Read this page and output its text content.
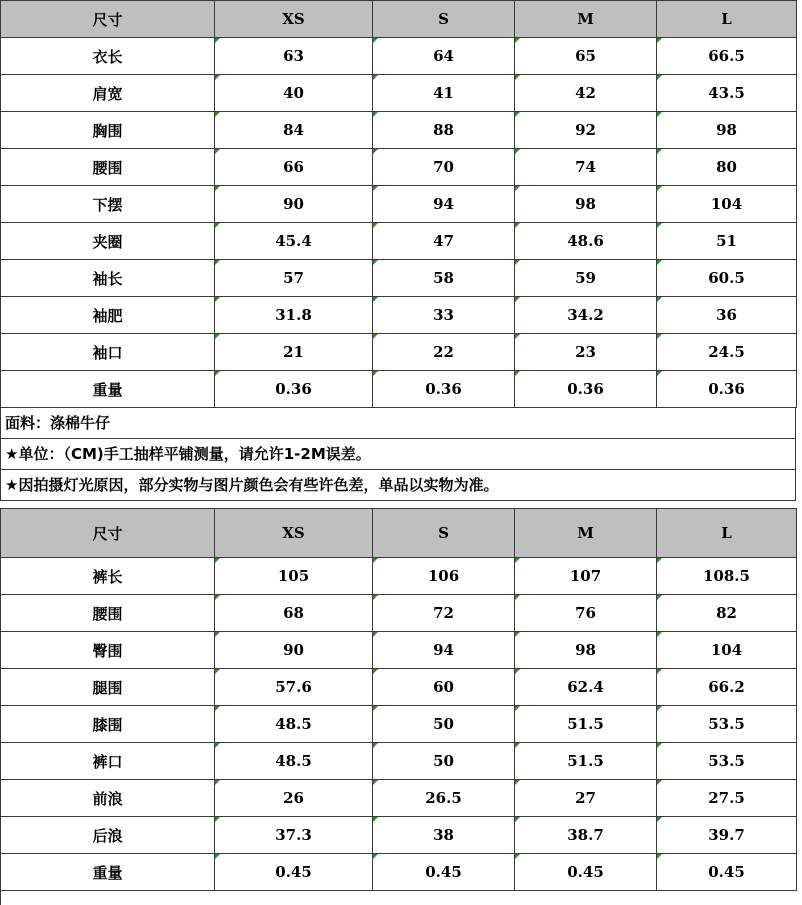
尺寸	XS	S	M	L
衣长	63	64	65	66.5
肩宽	40	41	42	43.5
胸围	84	88	92	98
腰围	66	70	74	80
下摆	90	94	98	104
夹圈	45.4	47	48.6	51
袖长	57	58	59	60.5
袖肥	31.8	33	34.2	36
袖口	21	22	23	24.5
重量	0.36	0.36	0.36	0.36
面料：涤棉牛仔
★单位：（CM)手工抽样平铺测量，请允许1-2M误差。
★因拍摄灯光原因，部分实物与图片颜色会有些许色差，单品以实物为准。
尺寸	XS	S	M	L
裤长	105	106	107	108.5
腰围	68	72	76	82
臀围	90	94	98	104
腿围	57.6	60	62.4	66.2
膝围	48.5	50	51.5	53.5
裤口	48.5	50	51.5	53.5
前浪	26	26.5	27	27.5
后浪	37.3	38	38.7	39.7
重量	0.45	0.45	0.45	0.45
